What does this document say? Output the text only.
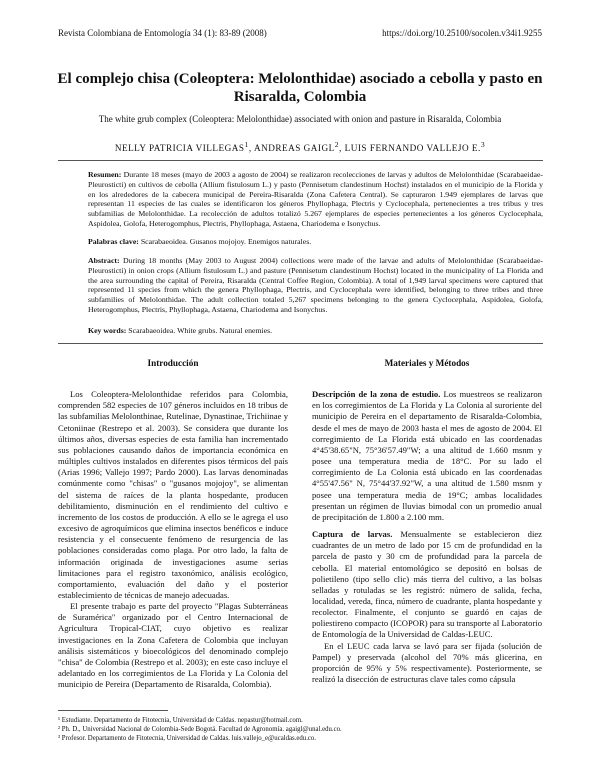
Revista Colombiana de Entomología 34 (1): 83-89 (2008)	https://doi.org/10.25100/socolen.v34i1.9255
El complejo chisa (Coleoptera: Melolonthidae) asociado a cebolla y pasto en Risaralda, Colombia
The white grub complex (Coleoptera: Melolonthidae) associated with onion and pasture in Risaralda, Colombia
NELLY PATRICIA VILLEGAS$^1$, ANDREAS GAIGL$^2$, LUIS FERNANDO VALLEJO E.$^3$

Resumen: Durante 18 meses (mayo de 2003 a agosto de 2004) se realizaron recolecciones de larvas y adultos de Melolonthidae (Scarabaeidae-Pleurosticti) en cultivos de cebolla (Allium fistulosum L.) y pasto (Pennisetum clandestinum Hochst) instalados en el municipio de la Florida y en los alrededores de la cabecera municipal de Pereira-Risaralda (Zona Cafetera Central). Se capturaron 1.949 ejemplares de larvas que representan 11 especies de las cuales se identificaron los géneros Phyllophaga, Plectris y Cyclocephala, pertenecientes a tres tribus y tres subfamilias de Melolonthidae. La recolección de adultos totalizó 5.267 ejemplares de especies pertenecientes a los géneros Cyclocephala, Aspidolea, Golofa, Heterogomphus, Plectris, Phyllophaga, Astaena, Chariodema e Isonychus.

Palabras clave: Scarabaeoidea. Gusanos mojojoy. Enemigos naturales.

Abstract: During 18 months (May 2003 to August 2004) collections were made of the larvae and adults of Melolonthidae (Scarabaeidae-Pleurosticti) in onion crops (Allium fistulosum L.) and pasture (Pennisetum clandestinum Hochst) located in the municipality of La Florida and the area surrounding the capital of Pereira, Risaralda (Central Coffee Region, Colombia). A total of 1,949 larval specimens were captured that represented 11 species from which the genera Phyllophaga, Plectris, and Cyclocephala were identified, belonging to three tribes and three subfamilies of Melolonthidae. The adult collection totaled 5,267 specimens belonging to the genera Cyclocephala, Aspidolea, Golofa, Heterogomphus, Plectris, Phyllophaga, Astaena, Chariodema and Isonychus.

Key words: Scarabaeoidea. White grubs. Natural enemies.

Introducción

Los Coleoptera-Melolonthidae referidos para Colombia, comprenden 582 especies de 107 géneros incluidos en 18 tribus de las subfamilias Melolonthinae, Rutelinae, Dynastinae, Trichiinae y Cetoniinae (Restrepo et al. 2003). Se considera que durante los últimos años, diversas especies de esta familia han incrementado sus poblaciones causando daños de importancia económica en múltiples cultivos instalados en diferentes pisos térmicos del país (Arias 1996; Vallejo 1997; Pardo 2000). Las larvas denominadas comúnmente como "chisas" o "gusanos mojojoy", se alimentan del sistema de raíces de la planta hospedante, producen debilitamiento, disminución en el rendimiento del cultivo e incremento de los costos de producción. A ello se le agrega el uso excesivo de agroquímicos que elimina insectos benéficos e induce resistencia y el consecuente fenómeno de resurgencia de las poblaciones consideradas como plaga. Por otro lado, la falta de información originada de investigaciones asume serias limitaciones para el registro taxonómico, análisis ecológico, comportamiento, evaluación del daño y el posterior establecimiento de técnicas de manejo adecuadas.

El presente trabajo es parte del proyecto "Plagas Subterráneas de Suramérica" organizado por el Centro Internacional de Agricultura Tropical-CIAT, cuyo objetivo es realizar investigaciones en la Zona Cafetera de Colombia que incluyan análisis sistemáticos y bioecológicos del denominado complejo "chisa" de Colombia (Restrepo et al. 2003); en este caso incluye el adelantado en los corregimientos de La Florida y La Colonia del municipio de Pereira (Departamento de Risaralda, Colombia).

Materiales y Métodos

Descripción de la zona de estudio. Los muestreos se realizaron en los corregimientos de La Florida y La Colonia al suroriente del municipio de Pereira en el departamento de Risaralda-Colombia, desde el mes de mayo de 2003 hasta el mes de agosto de 2004. El corregimiento de La Florida está ubicado en las coordenadas 4°45'38.65"N, 75°36'57.49"W; a una altitud de 1.660 msnm y posee una temperatura media de 18°C. Por su lado el corregimiento de La Colonia está ubicado en las coordenadas 4°55'47.56" N, 75°44'37.92"W, a una altitud de 1.580 msnm y posee una temperatura media de 19°C; ambas localidades presentan un régimen de lluvias bimodal con un promedio anual de precipitación de 1.800 a 2.100 mm.

Captura de larvas. Mensualmente se establecieron diez cuadrantes de un metro de lado por 15 cm de profundidad en la parcela de pasto y 30 cm de profundidad para la parcela de cebolla. El material entomológico se depositó en bolsas de polietileno (tipo sello clic) más tierra del cultivo, a las bolsas selladas y rotuladas se les registró: número de salida, fecha, localidad, vereda, finca, número de cuadrante, planta hospedante y recolector. Finalmente, el conjunto se guardó en cajas de poliestireno compacto (ICOPOR) para su transporte al Laboratorio de Entomología de la Universidad de Caldas-LEUC.

En el LEUC cada larva se lavó para ser fijada (solución de Pampel) y preservada (alcohol del 70% más glicerina, en proporción de 95% y 5% respectivamente). Posteriormente, se realizó la disección de estructuras clave tales como cápsula

¹ Estudiante. Departamento de Fitotecnia, Universidad de Caldas. nepastur@hotmail.com.

² Ph. D., Universidad Nacional de Colombia-Sede Bogotá. Facultad de Agronomía. agaigl@unal.edu.co.

³ Profesor. Departamento de Fitotecnia, Universidad de Caldas. luis.vallejo_e@ucaldas.edu.co.
